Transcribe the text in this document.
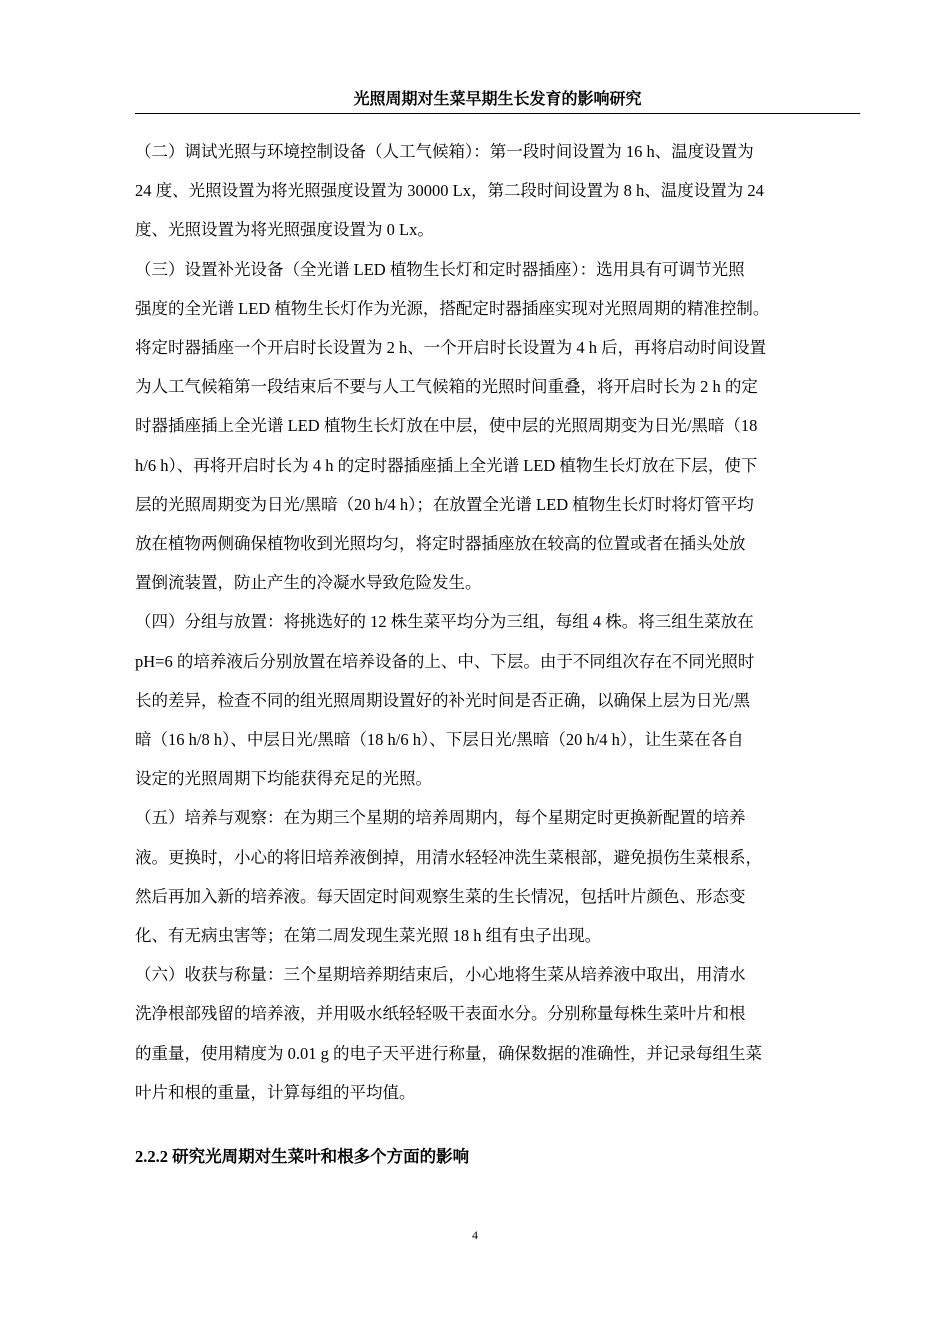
光照周期对生菜早期生长发育的影响研究

（二）调试光照与环境控制设备（人工气候箱）：第一段时间设置为 16 h、温度设置为
24 度、光照设置为将光照强度设置为 30000 Lx，第二段时间设置为 8 h、温度设置为 24
度、光照设置为将光照强度设置为 0 Lx。

（三）设置补光设备（全光谱 LED 植物生长灯和定时器插座）：选用具有可调节光照
强度的全光谱 LED 植物生长灯作为光源，搭配定时器插座实现对光照周期的精准控制。
将定时器插座一个开启时长设置为 2 h、一个开启时长设置为 4 h 后，再将启动时间设置
为人工气候箱第一段结束后不要与人工气候箱的光照时间重叠，将开启时长为 2 h 的定
时器插座插上全光谱 LED 植物生长灯放在中层，使中层的光照周期变为日光/黑暗（18
h/6 h）、再将开启时长为 4 h 的定时器插座插上全光谱 LED 植物生长灯放在下层，使下
层的光照周期变为日光/黑暗（20 h/4 h）；在放置全光谱 LED 植物生长灯时将灯管平均
放在植物两侧确保植物收到光照均匀，将定时器插座放在较高的位置或者在插头处放
置倒流装置，防止产生的冷凝水导致危险发生。

（四）分组与放置：将挑选好的 12 株生菜平均分为三组，每组 4 株。将三组生菜放在
pH=6 的培养液后分别放置在培养设备的上、中、下层。由于不同组次存在不同光照时
长的差异，检查不同的组光照周期设置好的补光时间是否正确，以确保上层为日光/黑
暗（16 h/8 h）、中层日光/黑暗（18 h/6 h）、下层日光/黑暗（20 h/4 h），让生菜在各自
设定的光照周期下均能获得充足的光照。

（五）培养与观察：在为期三个星期的培养周期内，每个星期定时更换新配置的培养
液。更换时，小心的将旧培养液倒掉，用清水轻轻冲洗生菜根部，避免损伤生菜根系，
然后再加入新的培养液。每天固定时间观察生菜的生长情况，包括叶片颜色、形态变
化、有无病虫害等；在第二周发现生菜光照 18 h 组有虫子出现。

（六）收获与称量：三个星期培养期结束后，小心地将生菜从培养液中取出，用清水
洗净根部残留的培养液，并用吸水纸轻轻吸干表面水分。分别称量每株生菜叶片和根
的重量，使用精度为 0.01 g 的电子天平进行称量，确保数据的准确性，并记录每组生菜
叶片和根的重量，计算每组的平均值。

2.2.2 研究光周期对生菜叶和根多个方面的影响
4
